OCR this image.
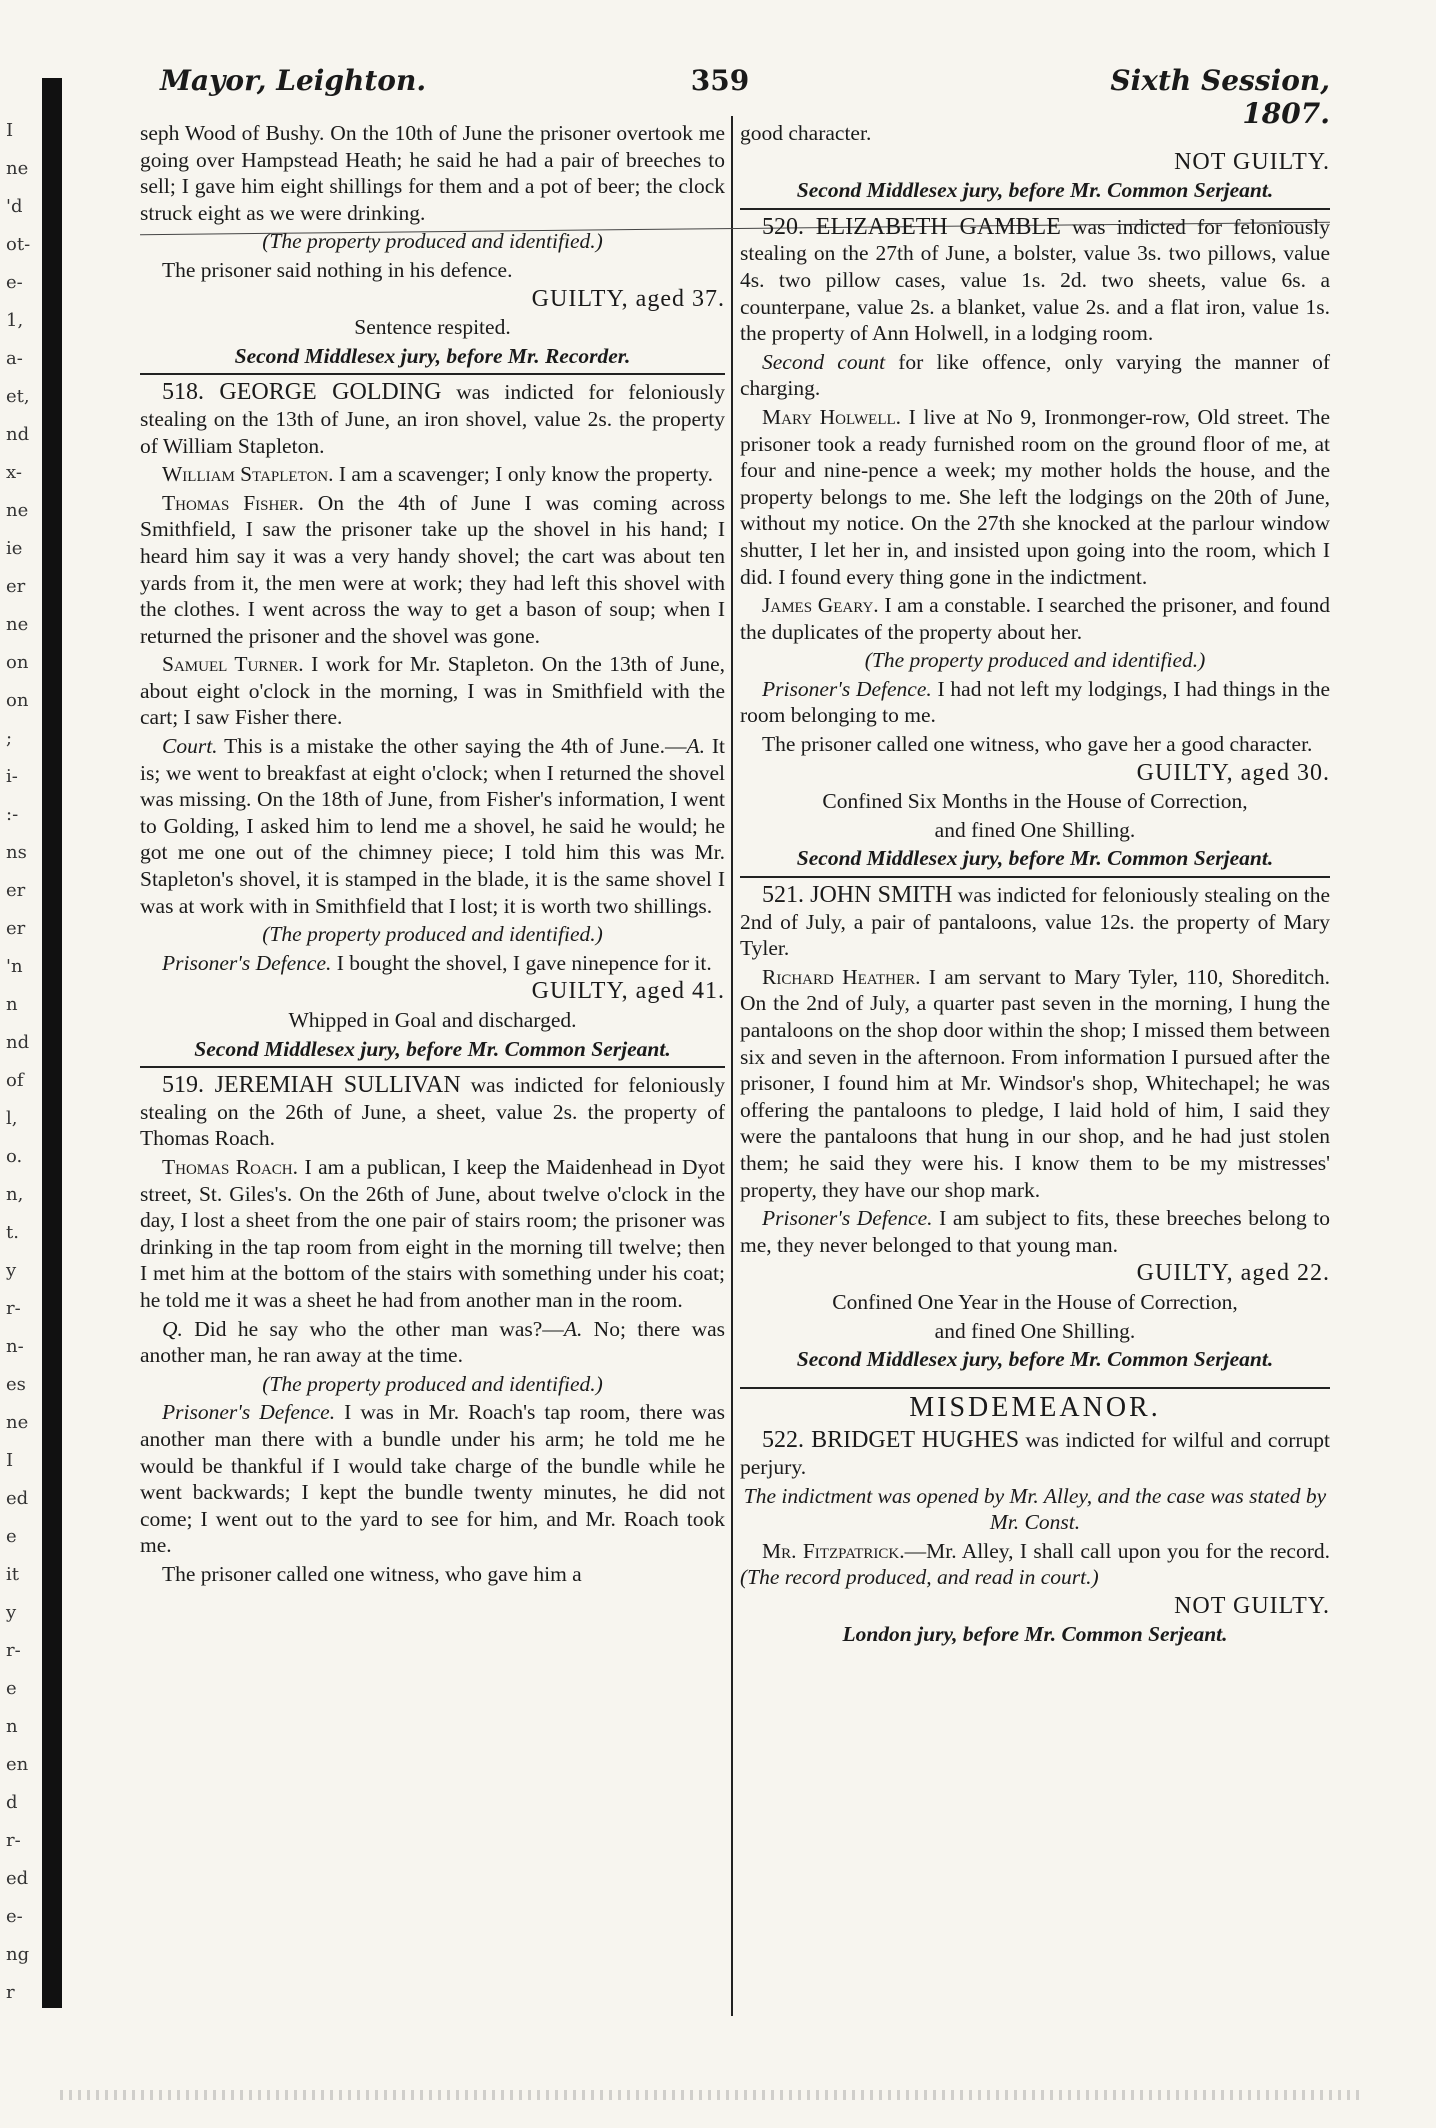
I
ne
'd
ot-
e-
1,
a-
et,
nd
x-
ne
ie
er
ne
on
on
;
i-
:-
ns
er
er
'n
n
nd
of
l,
o.
n,
t.
y
r-
n-
es
ne
I
ed
e
it
y
r-
e
n
en
d
r-
ed
e-
ng
r
Mayor, Leighton.	359	Sixth Session, 1807.

seph Wood of Bushy. On the 10th of June the prisoner overtook me going over Hampstead Heath; he said he had a pair of breeches to sell; I gave him eight shillings for them and a pot of beer; the clock struck eight as we were drinking.

(The property produced and identified.)

The prisoner said nothing in his defence.

GUILTY, aged 37.
Sentence respited.
Second Middlesex jury, before Mr. Recorder.

518. GEORGE GOLDING was indicted for feloniously stealing on the 13th of June, an iron shovel, value 2s. the property of William Stapleton.

William Stapleton. I am a scavenger; I only know the property.

Thomas Fisher. On the 4th of June I was coming across Smithfield, I saw the prisoner take up the shovel in his hand; I heard him say it was a very handy shovel; the cart was about ten yards from it, the men were at work; they had left this shovel with the clothes. I went across the way to get a bason of soup; when I returned the prisoner and the shovel was gone.

Samuel Turner. I work for Mr. Stapleton. On the 13th of June, about eight o'clock in the morning, I was in Smithfield with the cart; I saw Fisher there.

Court. This is a mistake the other saying the 4th of June.—A. It is; we went to breakfast at eight o'clock; when I returned the shovel was missing. On the 18th of June, from Fisher's information, I went to Golding, I asked him to lend me a shovel, he said he would; he got me one out of the chimney piece; I told him this was Mr. Stapleton's shovel, it is stamped in the blade, it is the same shovel I was at work with in Smithfield that I lost; it is worth two shillings.

(The property produced and identified.)

Prisoner's Defence. I bought the shovel, I gave ninepence for it.

GUILTY, aged 41.
Whipped in Goal and discharged.
Second Middlesex jury, before Mr. Common Serjeant.

519. JEREMIAH SULLIVAN was indicted for feloniously stealing on the 26th of June, a sheet, value 2s. the property of Thomas Roach.

Thomas Roach. I am a publican, I keep the Maidenhead in Dyot street, St. Giles's. On the 26th of June, about twelve o'clock in the day, I lost a sheet from the one pair of stairs room; the prisoner was drinking in the tap room from eight in the morning till twelve; then I met him at the bottom of the stairs with something under his coat; he told me it was a sheet he had from another man in the room.

Q. Did he say who the other man was?—A. No; there was another man, he ran away at the time.

(The property produced and identified.)

Prisoner's Defence. I was in Mr. Roach's tap room, there was another man there with a bundle under his arm; he told me he would be thankful if I would take charge of the bundle while he went backwards; I kept the bundle twenty minutes, he did not come; I went out to the yard to see for him, and Mr. Roach took me.

The prisoner called one witness, who gave him a

good character.

NOT GUILTY.
Second Middlesex jury, before Mr. Common Serjeant.

520. ELIZABETH GAMBLE was indicted for feloniously stealing on the 27th of June, a bolster, value 3s. two pillows, value 4s. two pillow cases, value 1s. 2d. two sheets, value 6s. a counterpane, value 2s. a blanket, value 2s. and a flat iron, value 1s. the property of Ann Holwell, in a lodging room.

Second count for like offence, only varying the manner of charging.

Mary Holwell. I live at No 9, Ironmonger-row, Old street. The prisoner took a ready furnished room on the ground floor of me, at four and nine-pence a week; my mother holds the house, and the property belongs to me. She left the lodgings on the 20th of June, without my notice. On the 27th she knocked at the parlour window shutter, I let her in, and insisted upon going into the room, which I did. I found every thing gone in the indictment.

James Geary. I am a constable. I searched the prisoner, and found the duplicates of the property about her.

(The property produced and identified.)

Prisoner's Defence. I had not left my lodgings, I had things in the room belonging to me.

The prisoner called one witness, who gave her a good character.

GUILTY, aged 30.
Confined Six Months in the House of Correction,
and fined One Shilling.
Second Middlesex jury, before Mr. Common Serjeant.

521. JOHN SMITH was indicted for feloniously stealing on the 2nd of July, a pair of pantaloons, value 12s. the property of Mary Tyler.

Richard Heather. I am servant to Mary Tyler, 110, Shoreditch. On the 2nd of July, a quarter past seven in the morning, I hung the pantaloons on the shop door within the shop; I missed them between six and seven in the afternoon. From information I pursued after the prisoner, I found him at Mr. Windsor's shop, Whitechapel; he was offering the pantaloons to pledge, I laid hold of him, I said they were the pantaloons that hung in our shop, and he had just stolen them; he said they were his. I know them to be my mistresses' property, they have our shop mark.

Prisoner's Defence. I am subject to fits, these breeches belong to me, they never belonged to that young man.

GUILTY, aged 22.
Confined One Year in the House of Correction,
and fined One Shilling.
Second Middlesex jury, before Mr. Common Serjeant.
MISDEMEANOR.

522. BRIDGET HUGHES was indicted for wilful and corrupt perjury.

The indictment was opened by Mr. Alley, and the case was stated by Mr. Const.

Mr. Fitzpatrick.—Mr. Alley, I shall call upon you for the record. (The record produced, and read in court.)

NOT GUILTY.
London jury, before Mr. Common Serjeant.
